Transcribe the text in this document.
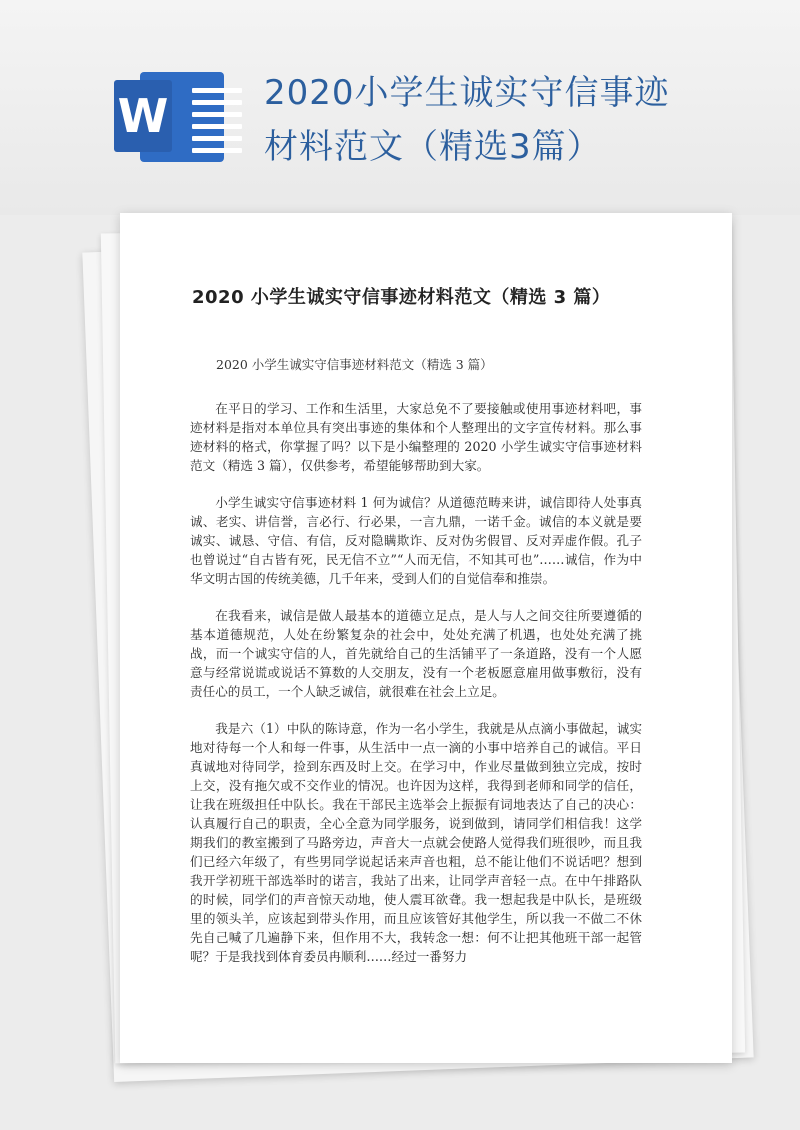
W	2020小学生诚实守信事迹材料范文（精选3篇）
2020 小学生诚实守信事迹材料范文（精选 3 篇）
2020 小学生诚实守信事迹材料范文（精选 3 篇）

在平日的学习、工作和生活里，大家总免不了要接触或使用事迹材料吧，事迹材料是指对本单位具有突出事迹的集体和个人整理出的文字宣传材料。那么事迹材料的格式，你掌握了吗？以下是小编整理的 2020 小学生诚实守信事迹材料范文（精选 3 篇），仅供参考，希望能够帮助到大家。

小学生诚实守信事迹材料 1 何为诚信？从道德范畴来讲，诚信即待人处事真诚、老实、讲信誉，言必行、行必果，一言九鼎，一诺千金。诚信的本义就是要诚实、诚恳、守信、有信，反对隐瞒欺诈、反对伪劣假冒、反对弄虚作假。孔子也曾说过“自古皆有死，民无信不立”“人而无信，不知其可也”……诚信，作为中华文明古国的传统美德，几千年来，受到人们的自觉信奉和推崇。

在我看来，诚信是做人最基本的道德立足点，是人与人之间交往所要遵循的基本道德规范，人处在纷繁复杂的社会中，处处充满了机遇，也处处充满了挑战，而一个诚实守信的人，首先就给自己的生活铺平了一条道路，没有一个人愿意与经常说谎或说话不算数的人交朋友，没有一个老板愿意雇用做事敷衍，没有责任心的员工，一个人缺乏诚信，就很难在社会上立足。

我是六（1）中队的陈诗意，作为一名小学生，我就是从点滴小事做起，诚实地对待每一个人和每一件事，从生活中一点一滴的小事中培养自己的诚信。平日真诚地对待同学，捡到东西及时上交。在学习中，作业尽量做到独立完成，按时上交，没有拖欠或不交作业的情况。也许因为这样，我得到老师和同学的信任，让我在班级担任中队长。我在干部民主选举会上振振有词地表达了自己的决心：认真履行自己的职责，全心全意为同学服务，说到做到，请同学们相信我！这学期我们的教室搬到了马路旁边，声音大一点就会使路人觉得我们班很吵，而且我们已经六年级了，有些男同学说起话来声音也粗，总不能让他们不说话吧？想到我开学初班干部选举时的诺言，我站了出来，让同学声音轻一点。在中午排路队的时候，同学们的声音惊天动地，使人震耳欲聋。我一想起我是中队长，是班级里的领头羊，应该起到带头作用，而且应该管好其他学生，所以我一不做二不休先自己喊了几遍静下来，但作用不大，我转念一想：何不让把其他班干部一起管呢？于是我找到体育委员冉顺利……经过一番努力
